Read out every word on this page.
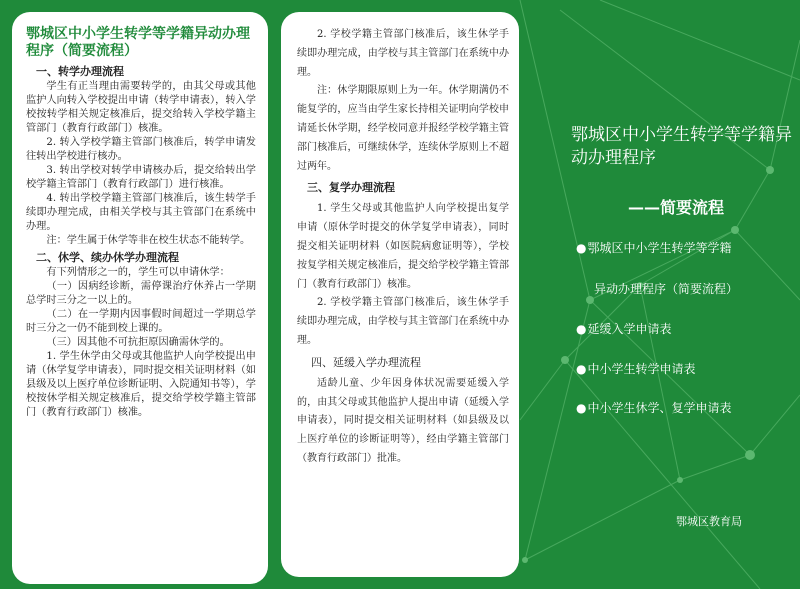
鄂城区中小学生转学等学籍异动办理程序（简要流程）

一、转学办理流程

学生有正当理由需要转学的，由其父母或其他监护人向转入学校提出申请（转学申请表），转入学校按转学相关规定核准后，提交给转入学校学籍主管部门（教育行政部门）核准。

2. 转入学校学籍主管部门核准后，转学申请发往转出学校进行核办。

3. 转出学校对转学申请核办后，提交给转出学校学籍主管部门（教育行政部门）进行核准。

4. 转出学校学籍主管部门核准后，该生转学手续即办理完成，由相关学校与其主管部门在系统中办理。

注：学生属于休学等非在校生状态不能转学。

二、休学、续办休学办理流程

有下列情形之一的，学生可以申请休学：

（一）因病经诊断，需停课治疗休养占一学期总学时三分之一以上的。

（二）在一学期内因事假时间超过一学期总学时三分之一仍不能到校上课的。

（三）因其他不可抗拒原因确需休学的。

1. 学生休学由父母或其他监护人向学校提出申请（休学复学申请表），同时提交相关证明材料（如县级及以上医疗单位诊断证明、入院通知书等），学校按休学相关规定核准后，提交给学校学籍主管部门（教育行政部门）核准。

2. 学校学籍主管部门核准后，该生休学手续即办理完成，由学校与其主管部门在系统中办理。

注：休学期限原则上为一年。休学期满仍不能复学的，应当由学生家长持相关证明向学校申请延长休学期，经学校同意并报经学校学籍主管部门核准后，可继续休学，连续休学原则上不超过两年。

三、复学办理流程

1. 学生父母或其他监护人向学校提出复学申请（原休学时提交的休学复学申请表），同时提交相关证明材料（如医院病愈证明等），学校按复学相关规定核准后，提交给学校学籍主管部门（教育行政部门）核准。

2. 学校学籍主管部门核准后，该生休学手续即办理完成，由学校与其主管部门在系统中办理。

四、延缓入学办理流程

适龄儿童、少年因身体状况需要延缓入学的，由其父母或其他监护人提出申请（延缓入学申请表），同时提交相关证明材料（如县级及以上医疗单位的诊断证明等），经由学籍主管部门（教育行政部门）批准。

鄂城区中小学生转学等学籍异动办理程序

——简要流程

●鄂城区中小学生转学等学籍

异动办理程序（简要流程）

●延缓入学申请表

●中小学生转学申请表

●中小学生休学、复学申请表

鄂城区教育局
